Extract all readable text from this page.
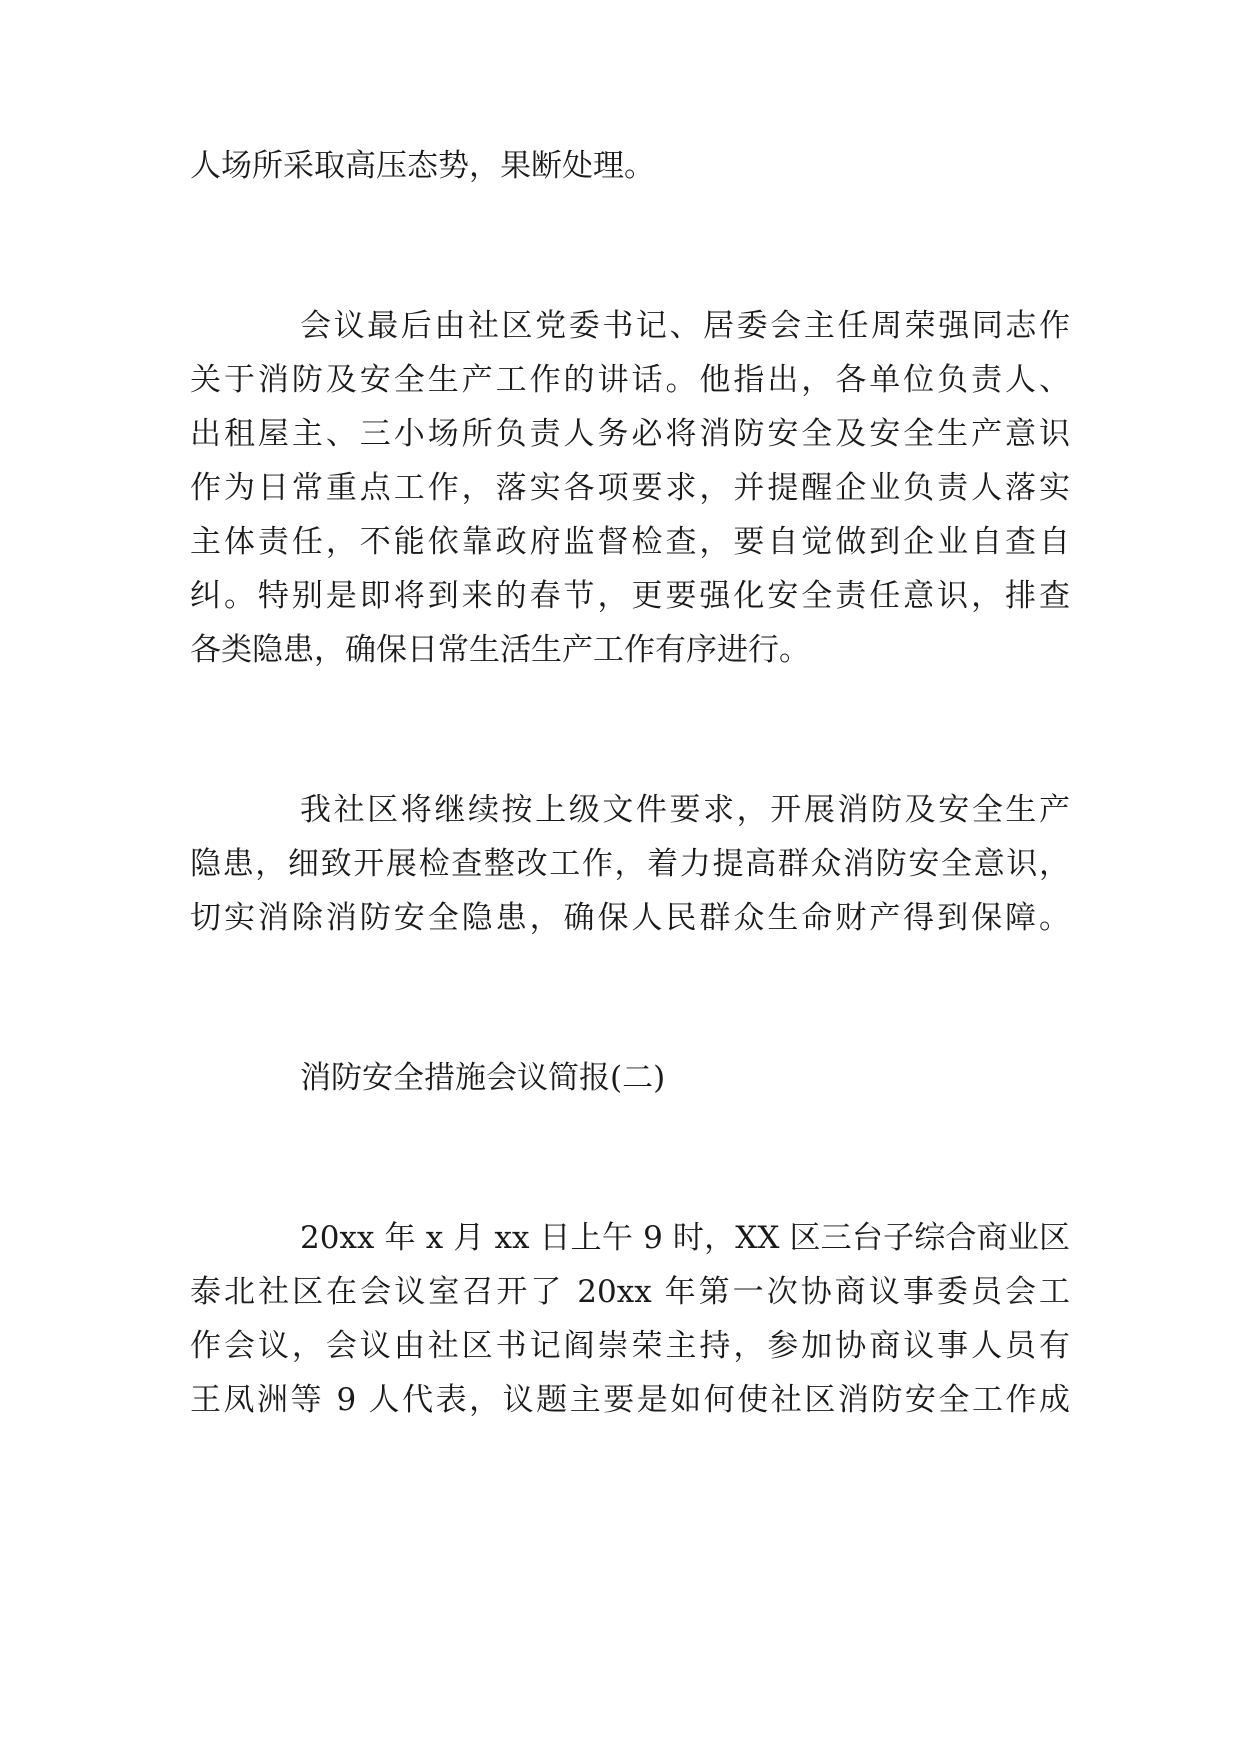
人场所采取高压态势，果断处理。
会议最后由社区党委书记、居委会主任周荣强同志作
关于消防及安全生产工作的讲话。他指出，各单位负责人、
出租屋主、三小场所负责人务必将消防安全及安全生产意识
作为日常重点工作，落实各项要求，并提醒企业负责人落实
主体责任，不能依靠政府监督检查，要自觉做到企业自查自
纠。特别是即将到来的春节，更要强化安全责任意识，排查
各类隐患，确保日常生活生产工作有序进行。
我社区将继续按上级文件要求，开展消防及安全生产
隐患，细致开展检查整改工作，着力提高群众消防安全意识，
切实消除消防安全隐患，确保人民群众生命财产得到保障。
消防安全措施会议简报(二)
20xx 年 x 月 xx 日上午 9 时，XX 区三台子综合商业区
泰北社区在会议室召开了 20xx 年第一次协商议事委员会工
作会议，会议由社区书记阎崇荣主持，参加协商议事人员有
王凤洲等 9 人代表，议题主要是如何使社区消防安全工作成
